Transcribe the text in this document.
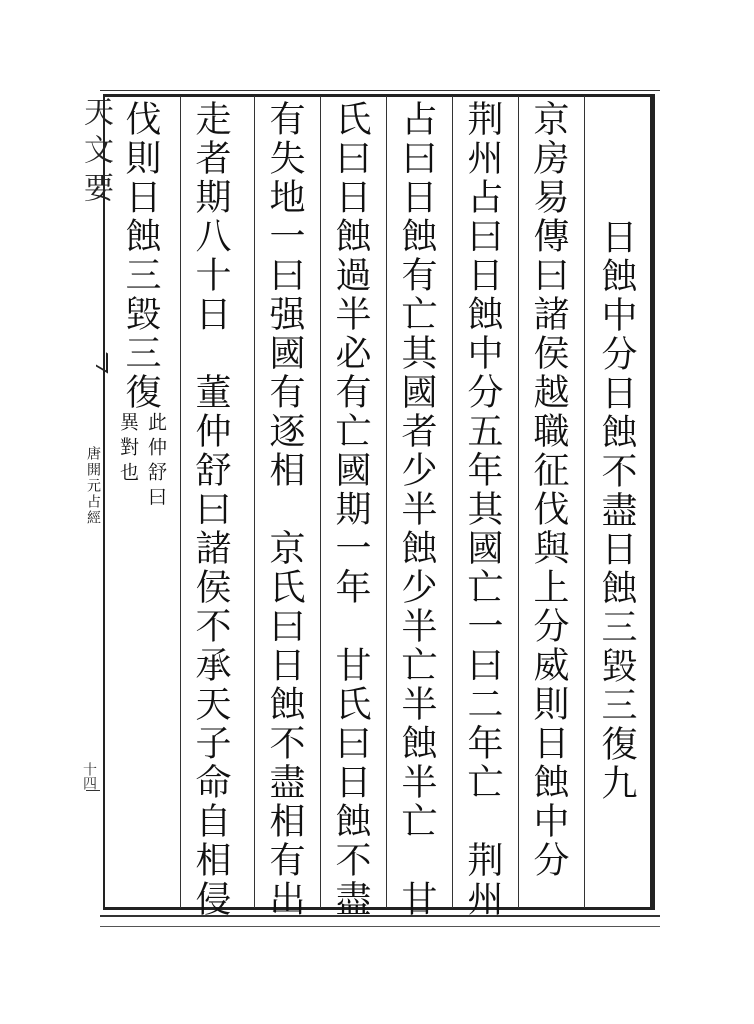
天文要
唐開元占經
十四	日蝕中分日蝕不盡日蝕三毀三復九
京房易傳曰諸侯越職征伐與上分威則日蝕中分
荆州占曰日蝕中分五年其國亡一曰二年亡　荆州
占曰日蝕有亡其國者少半蝕少半亡半蝕半亡　甘
氏曰日蝕過半必有亡國期一年　甘氏曰日蝕不盡
有失地一曰强國有逐相　京氏曰日蝕不盡相有出
走者期八十日　董仲舒曰諸侯不承天子命自相侵
伐則日蝕三毀三復
此仲舒曰
異對也
